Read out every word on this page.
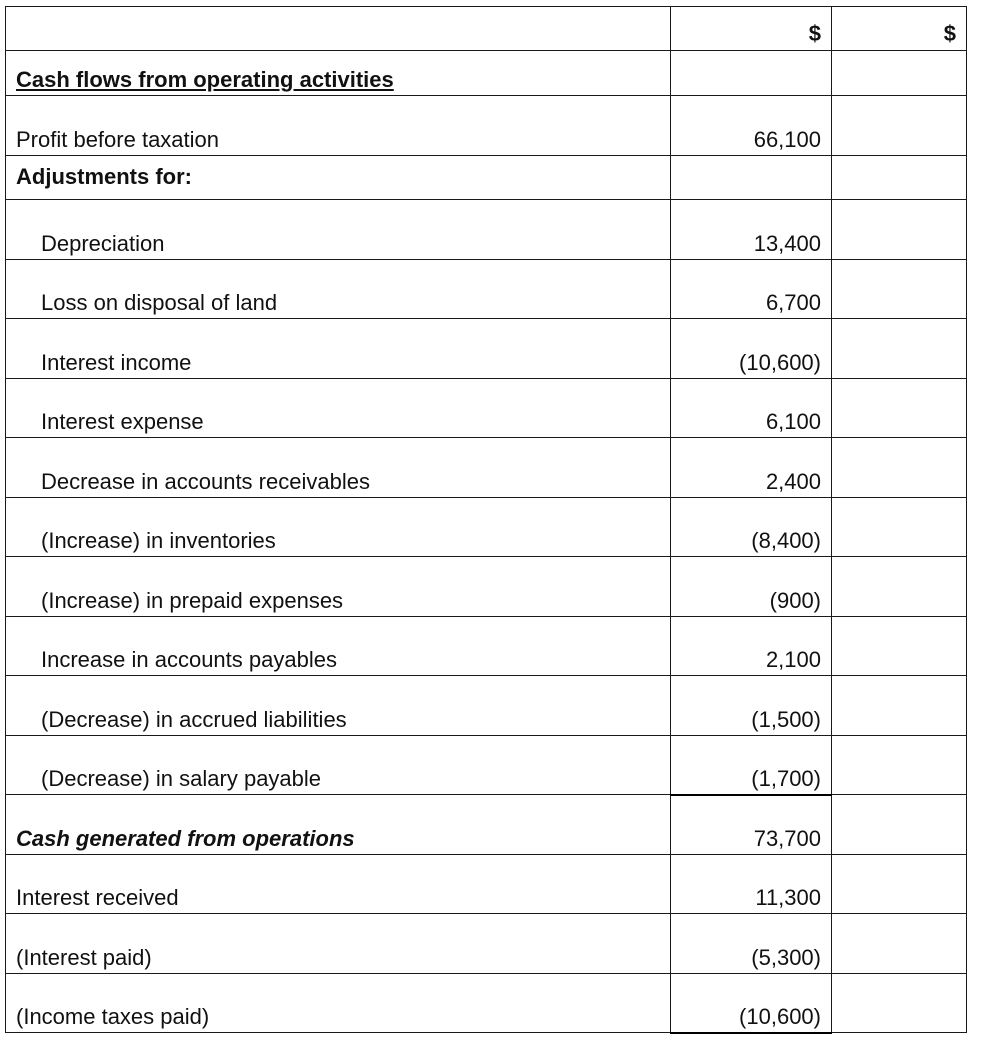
	$	$
Cash flows from operating activities		
Profit before taxation	66,100	
Adjustments for:		
Depreciation	13,400	
Loss on disposal of land	6,700	
Interest income	(10,600)	
Interest expense	6,100	
Decrease in accounts receivables	2,400	
(Increase) in inventories	(8,400)	
(Increase) in prepaid expenses	(900)	
Increase in accounts payables	2,100	
(Decrease) in accrued liabilities	(1,500)	
(Decrease) in salary payable	(1,700)	
Cash generated from operations	73,700	
Interest received	11,300	
(Interest paid)	(5,300)	
(Income taxes paid)	(10,600)	
